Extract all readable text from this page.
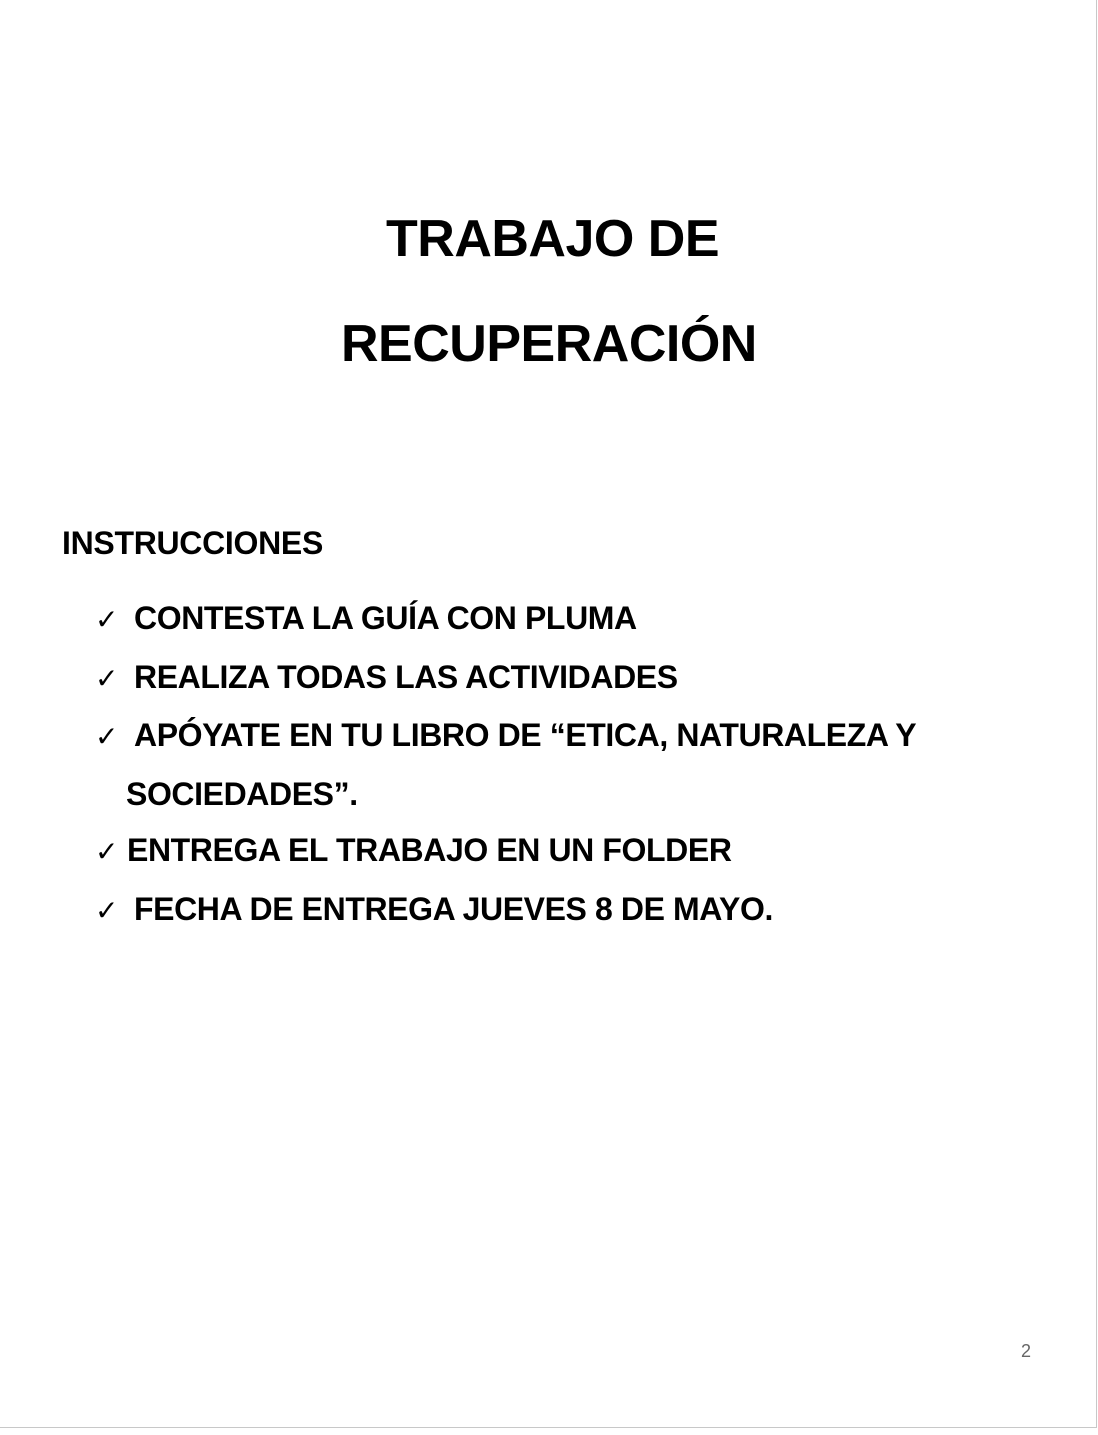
TRABAJO DE
RECUPERACIÓN
INSTRUCCIONES
✓ CONTESTA LA GUÍA CON PLUMA
✓ REALIZA TODAS LAS ACTIVIDADES
✓ APÓYATE EN TU LIBRO DE “ETICA, NATURALEZA Y
SOCIEDADES”.
✓ ENTREGA EL TRABAJO EN UN FOLDER
✓ FECHA DE ENTREGA JUEVES 8 DE MAYO.
2
